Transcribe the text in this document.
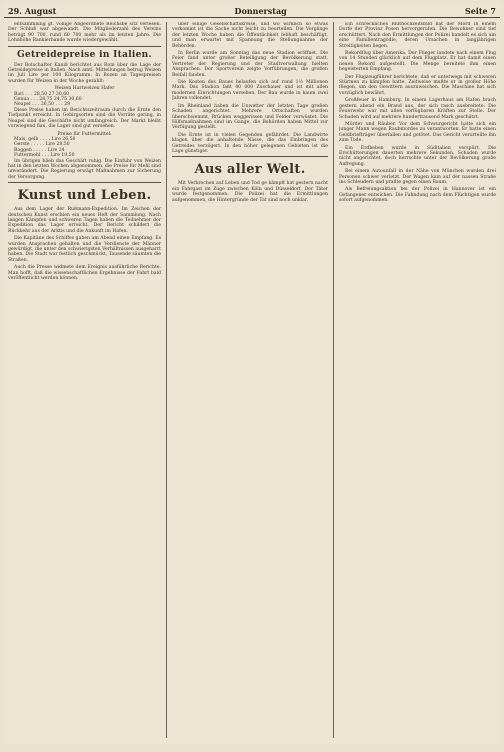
29. August	Donnerstag	Seite 7

entsammlung gt. völlige Abgeordnete Reichsbe sitz verlesen. Der Schluß war abgewandt. Die Mitgliederzahl des Vereins beträgt 90 700, rund 60 700 mehr als im letzten Jahre. Die Lohnhöhe Bankierbande wurde wiedergewählt.

Getreidepreise in Italien.

Der Botschafter Kaniß berichtet aus Rom über die Lage der Getreidepreise in Italien. Nach amtl. Mitteilungen betrug Weizen im Juli Lire per 100 Kilogramm. In Bozen an Tagespreisen wurden für Weizen in der Woche gezahlt:

Weizen Hartweizen Hafer
Bari . . . 28,50 27 30,60
Genua . . . 28,75 24,75 30,60
Neapel . . . 26,50 . . . 29

Diese Preise haben im Berichtszeitraum durch die Ernte den Tiefpunkt erreicht. In Gebirgsorten sind die Vorräte gering, in Neapel sind die Geschäfte nicht umfangreich. Der Markt bleibt vorwiegend flau, die Lager sind gut versehen.

Preise für Futtermittel:
Mais, gelb . . . . Lire 26,50
Gerste . . . . . Lire 28,50
Roggen . . . . . Lire 24
Futtermehl . . . Lire 19,50

Im übrigen blieb das Geschäft ruhig. Die Einfuhr von Weizen hat in den letzten Wochen abgenommen, die Preise für Mehl sind unverändert. Die Regierung erwägt Maßnahmen zur Sicherung der Versorgung.

Kunst und Leben.

Aus dem Lager der Rußmann-Expedition. Im Zeichen der deutschen Kunst erschien ein neues Heft der Sammlung. Nach langen Kämpfen und schweren Tagen haben die Teilnehmer der Expedition das Lager erreicht. Der Bericht schildert die Rückkehr aus der Arktis und die Ankunft im Hafen.

Die Kapitäne des Schiffes gaben am Abend einen Empfang. Es wurden Ansprachen gehalten und die Verdienste der Männer gewürdigt, die unter den schwierigsten Verhältnissen ausgeharrt haben. Die Stadt war festlich geschmückt, Tausende säumten die Straßen.

Auch die Presse widmete dem Ereignis ausführliche Berichte. Man hofft, daß die wissenschaftlichen Ergebnisse der Fahrt bald veröffentlicht werden können.

über einige Gesellschaftskreise, und wo wirklich so etwas vorkommt ist die Sache nicht leicht zu beurteilen. Die Vorgänge der letzten Woche haben die Öffentlichkeit lebhaft beschäftigt, und man erwartet mit Spannung die Stellungnahme der Behörden.

In Berlin wurde am Sonntag das neue Stadion eröffnet. Die Feier fand unter großer Beteiligung der Bevölkerung statt. Vertreter der Regierung und der Stadtverwaltung hielten Ansprachen. Der Sportverein zeigte Vorführungen, die großen Beifall fanden.

Die Kosten des Baues belaufen sich auf rund 1½ Millionen Mark. Das Stadion faßt 40 000 Zuschauer und ist mit allen modernen Einrichtungen versehen. Der Bau wurde in kaum zwei Jahren vollendet.

Im Rheinland haben die Unwetter der letzten Tage großen Schaden angerichtet. Mehrere Ortschaften wurden überschwemmt, Brücken weggerissen und Felder verwüstet. Die Hilfsmaßnahmen sind im Gange, die Behörden haben Mittel zur Verfügung gestellt.

Die Ernte ist in vielen Gegenden gefährdet. Die Landwirte klagen über die anhaltende Nässe, die das Einbringen des Getreides verzögert. In den höher gelegenen Gebieten ist die Lage günstiger.

Aus aller Welt.

Mit Verbrechen auf Leben und Tod ge kämpft hat gestern nacht ein Fahrgast im Zuge zwischen Köln und Düsseldorf. Der Täter wurde festgenommen. Die Polizei hat die Ermittlungen aufgenommen, die Hintergründe der Tat sind noch unklar.

Ein schreckliches Bluthochzeitsbild hat der Mord in einem Dorfe der Provinz Posen hervorgerufen. Die Bewohner sind tief erschüttert. Nach den Ermittlungen der Polizei handelt es sich um eine Familientragödie, deren Ursachen in langjährigen Streitigkeiten liegen.

Rekordflug über Amerika. Der Flieger landete nach einem Flug von 14 Stunden glücklich auf dem Flugplatz. Er hat damit einen neuen Rekord aufgestellt. Die Menge bereitete ihm einen begeisterten Empfang.

Der Flugzeugführer berichtete, daß er unterwegs mit schweren Stürmen zu kämpfen hatte. Zeitweise mußte er in großer Höhe fliegen, um den Gewittern auszuweichen. Die Maschine hat sich vorzüglich bewährt.

Großfeuer in Hamburg. In einem Lagerhaus am Hafen brach gestern abend ein Brand aus, der sich rasch ausbreitete. Die Feuerwehr war mit allen verfügbaren Kräften zur Stelle. Der Schaden wird auf mehrere hunderttausend Mark geschätzt.

Mörder und Räuber. Vor dem Schwurgericht hatte sich ein junger Mann wegen Raubmordes zu verantworten. Er hatte einen Geldbriefträger überfallen und getötet. Das Gericht verurteilte ihn zum Tode.

Ein Erdbeben wurde in Süditalien verspürt. Die Erschütterungen dauerten mehrere Sekunden. Schaden wurde nicht angerichtet, doch herrschte unter der Bevölkerung große Aufregung.

Bei einem Autounfall in der Nähe von München wurden drei Personen schwer verletzt. Der Wagen kam auf der nassen Straße ins Schleudern und prallte gegen einen Baum.

Als Befreiungsaktion bei der Polizei in Hannover ist ein Gefangener entwichen. Die Fahndung nach dem Flüchtigen wurde sofort aufgenommen.
